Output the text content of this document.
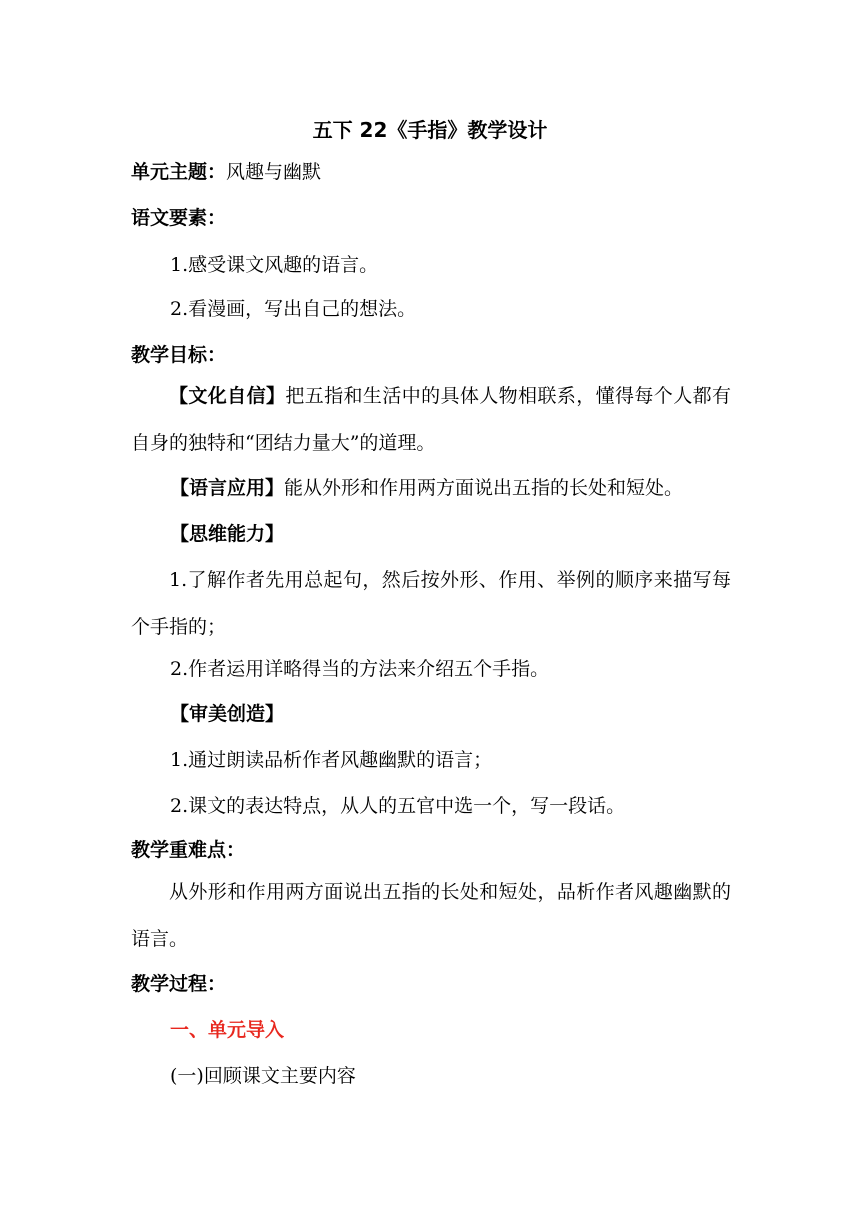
五下 22《手指》教学设计
单元主题：风趣与幽默
语文要素：
1.感受课文风趣的语言。
2.看漫画，写出自己的想法。
教学目标：
【文化自信】把五指和生活中的具体人物相联系，懂得每个人都有自身的独特和“团结力量大”的道理。
【语言应用】能从外形和作用两方面说出五指的长处和短处。
【思维能力】
1.了解作者先用总起句，然后按外形、作用、举例的顺序来描写每个手指的；
2.作者运用详略得当的方法来介绍五个手指。
【审美创造】
1.通过朗读品析作者风趣幽默的语言；
2.课文的表达特点，从人的五官中选一个，写一段话。
教学重难点：
从外形和作用两方面说出五指的长处和短处，品析作者风趣幽默的语言。
教学过程：
一、单元导入
(一)回顾课文主要内容
